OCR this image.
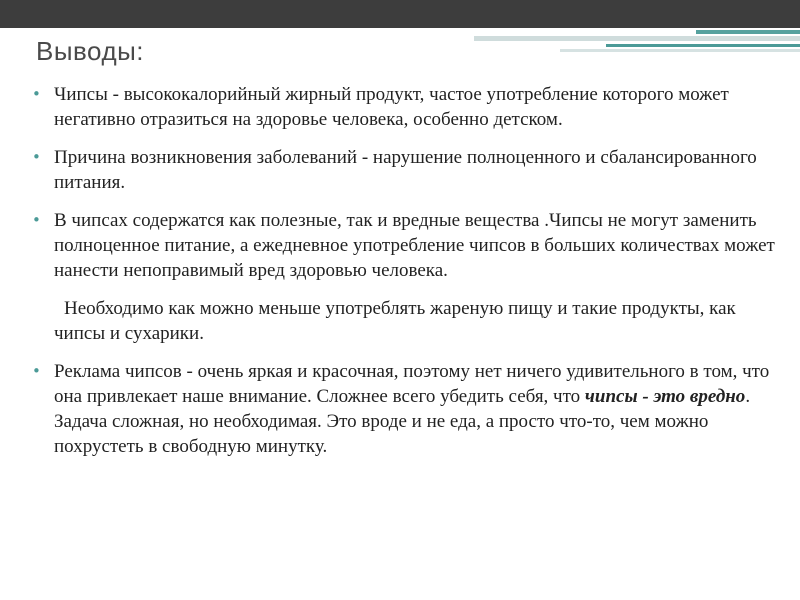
Выводы:
• Чипсы - высококалорийный жирный продукт, частое употребление которого может негативно отразиться на здоровье человека, особенно детском.
• Причина возникновения заболеваний - нарушение полноценного и сбалансированного питания.
• В чипсах содержатся как полезные, так и вредные вещества .Чипсы не могут заменить полноценное питание, а ежедневное употребление чипсов в больших количествах может нанести непоправимый вред здоровью человека.
Необходимо как можно меньше употреблять жареную пищу и такие продукты, как чипсы и сухарики.
• Реклама чипсов - очень яркая и красочная, поэтому нет ничего удивительного в том, что она привлекает наше внимание. Сложнее всего убедить себя, что чипсы - это вредно. Задача сложная, но необходимая. Это вроде и не еда, а просто что-то, чем можно похрустеть в свободную минутку.
